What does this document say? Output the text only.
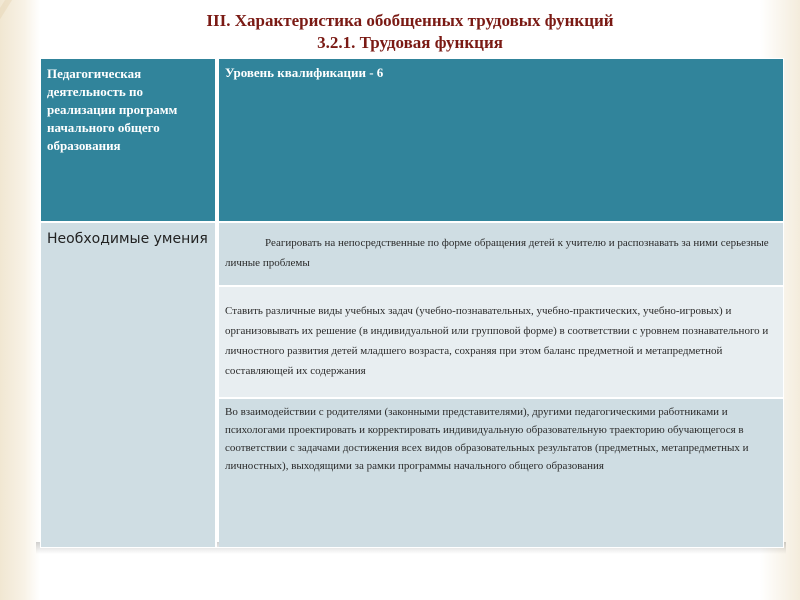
III. Характеристика обобщенных трудовых функций
3.2.1. Трудовая функция
Педагогическая деятельность по реализации программ начального общего образования
Уровень квалификации - 6
Необходимые умения	Реагировать на непосредственные по форме обращения детей к учителю и распознавать за ними серьезные личные проблемы
Ставить различные виды учебных задач (учебно-познавательных, учебно-практических, учебно-игровых) и организовывать их решение (в индивидуальной или групповой форме) в соответствии с уровнем познавательного и личностного развития детей младшего возраста, сохраняя при этом баланс предметной и метапредметной составляющей их содержания
Во взаимодействии с родителями (законными представителями), другими педагогическими работниками и психологами проектировать и корректировать индивидуальную образовательную траекторию обучающегося в соответствии с задачами достижения всех видов образовательных результатов (предметных, метапредметных и личностных), выходящими за рамки программы начального общего образования
